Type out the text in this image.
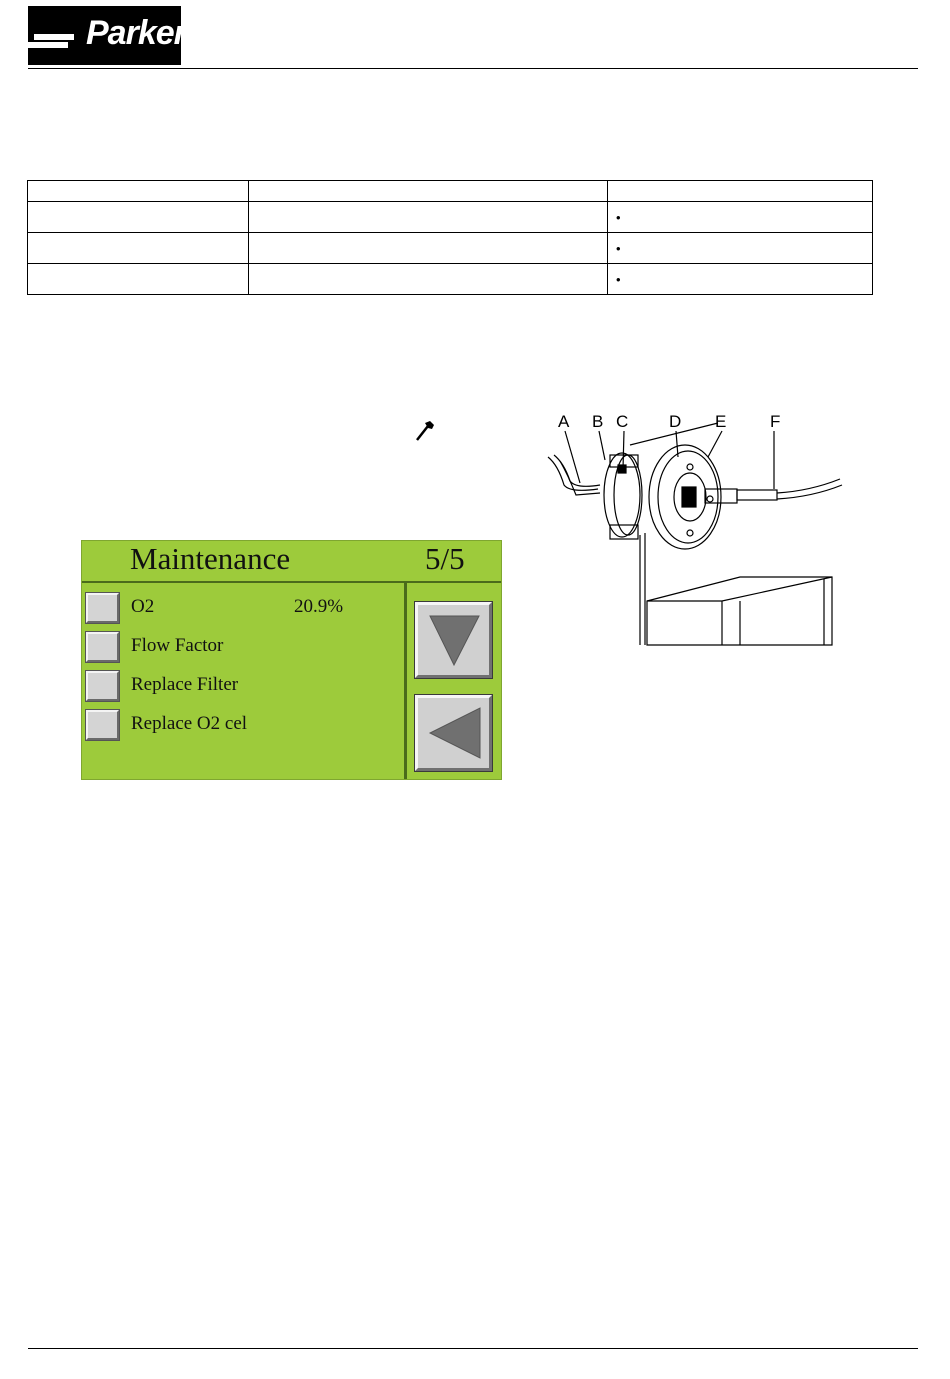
Parker

		•
		•
		•
Maintenance	5/5
O2	20.9%
Flow Factor
Replace Filter
Replace O2 cel
A B C D E	F
